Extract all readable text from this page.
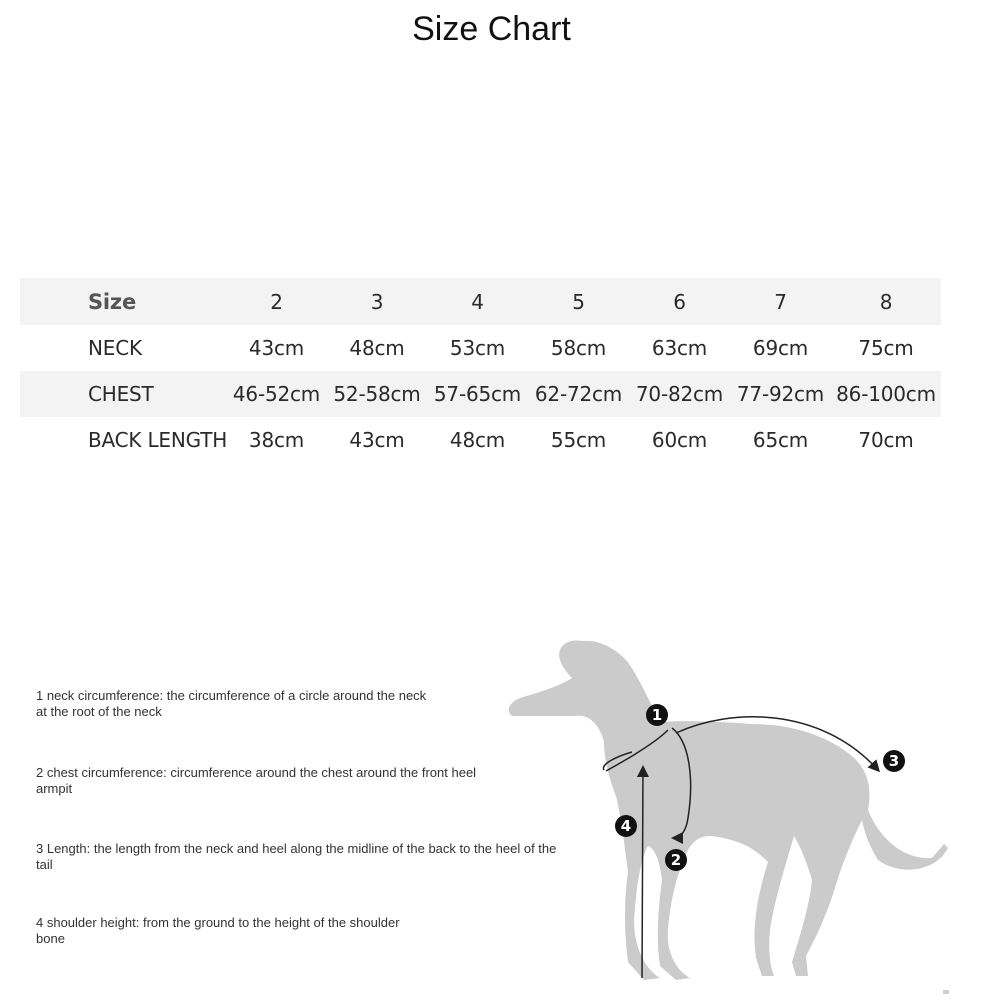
Size Chart
Size	2	3	4	5	6	7	8
NECK	43cm	48cm	53cm	58cm	63cm	69cm	75cm
CHEST	46-52cm	52-58cm	57-65cm	62-72cm	70-82cm	77-92cm	86-100cm
BACK LENGTH	38cm	43cm	48cm	55cm	60cm	65cm	70cm
1 neck circumference: the circumference of a circle around the neck
at the root of the neck
2 chest circumference: circumference around the chest around the front heel
armpit
3 Length: the length from the neck and heel along the midline of the back to the heel of the
tail
4 shoulder height: from the ground to the height of the shoulder
bone
1
2
3
4
